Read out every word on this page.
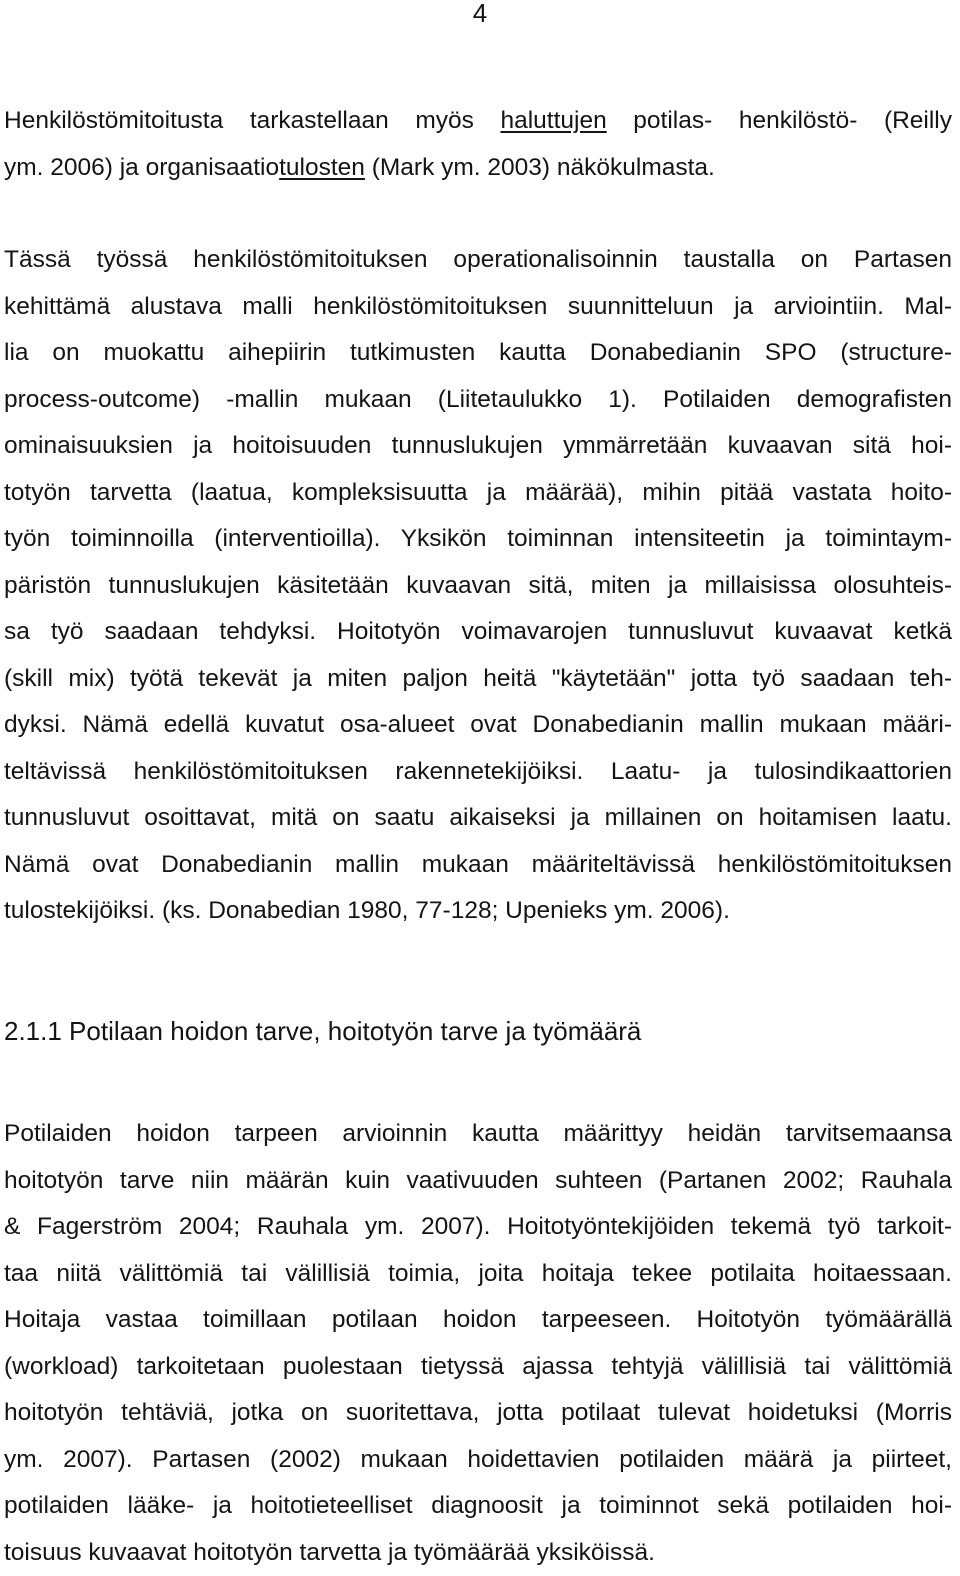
4
Henkilöstömitoitusta tarkastellaan myös haluttujen potilas- henkilöstö- (Reilly
ym. 2006) ja organisaatiotulosten (Mark ym. 2003) näkökulmasta.
Tässä työssä henkilöstömitoituksen operationalisoinnin taustalla on Partasen
kehittämä alustava malli henkilöstömitoituksen suunnitteluun ja arviointiin. Mal-
lia on muokattu aihepiirin tutkimusten kautta Donabedianin SPO (structure-
process-outcome) -mallin mukaan (Liitetaulukko 1). Potilaiden demografisten
ominaisuuksien ja hoitoisuuden tunnuslukujen ymmärretään kuvaavan sitä hoi-
totyön tarvetta (laatua, kompleksisuutta ja määrää), mihin pitää vastata hoito-
työn toiminnoilla (interventioilla). Yksikön toiminnan intensiteetin ja toimintaym-
päristön tunnuslukujen käsitetään kuvaavan sitä, miten ja millaisissa olosuhteis-
sa työ saadaan tehdyksi. Hoitotyön voimavarojen tunnusluvut kuvaavat ketkä
(skill mix) työtä tekevät ja miten paljon heitä "käytetään" jotta työ saadaan teh-
dyksi. Nämä edellä kuvatut osa-alueet ovat Donabedianin mallin mukaan määri-
teltävissä henkilöstömitoituksen rakennetekijöiksi. Laatu- ja tulosindikaattorien
tunnusluvut osoittavat, mitä on saatu aikaiseksi ja millainen on hoitamisen laatu.
Nämä ovat Donabedianin mallin mukaan määriteltävissä henkilöstömitoituksen
tulostekijöiksi. (ks. Donabedian 1980, 77-128; Upenieks ym. 2006).
2.1.1 Potilaan hoidon tarve, hoitotyön tarve ja työmäärä
Potilaiden hoidon tarpeen arvioinnin kautta määrittyy heidän tarvitsemaansa
hoitotyön tarve niin määrän kuin vaativuuden suhteen (Partanen 2002; Rauhala
& Fagerström 2004; Rauhala ym. 2007). Hoitotyöntekijöiden tekemä työ tarkoit-
taa niitä välittömiä tai välillisiä toimia, joita hoitaja tekee potilaita hoitaessaan.
Hoitaja vastaa toimillaan potilaan hoidon tarpeeseen. Hoitotyön työmäärällä
(workload) tarkoitetaan puolestaan tietyssä ajassa tehtyjä välillisiä tai välittömiä
hoitotyön tehtäviä, jotka on suoritettava, jotta potilaat tulevat hoidetuksi (Morris
ym. 2007). Partasen (2002) mukaan hoidettavien potilaiden määrä ja piirteet,
potilaiden lääke- ja hoitotieteelliset diagnoosit ja toiminnot sekä potilaiden hoi-
toisuus kuvaavat hoitotyön tarvetta ja työmäärää yksiköissä.
